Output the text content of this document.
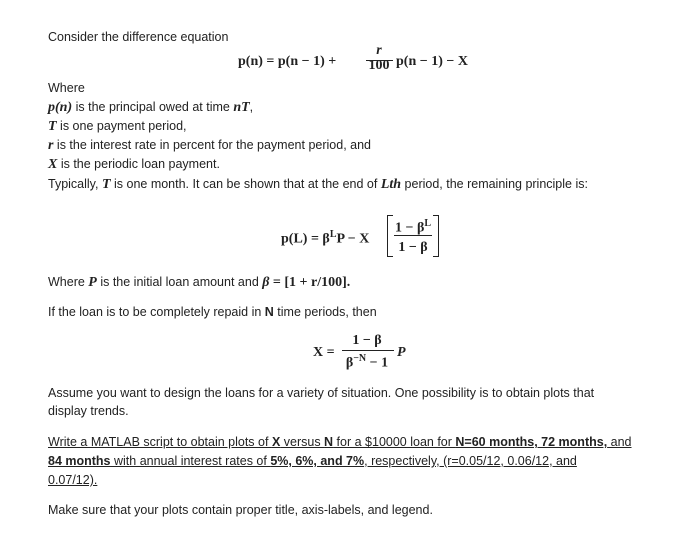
Consider the difference equation
p(n) = p(n − 1) +
r
100 p(n − 1) − X
Where
p(n) is the principal owed at time nT,
T is one payment period,
r is the interest rate in percent for the payment period, and
X is the periodic loan payment.
Typically, T is one month. It can be shown that at the end of Lth period, the remaining principle is:
$p(L) = \beta^LP - X$
$1 - \beta^L$
1 − β
Where P is the initial loan amount and β = [1 + r/100].
If the loan is to be completely repaid in N time periods, then
X =
1 − β
$\beta^{-N} - 1$
P
Assume you want to design the loans for a variety of situation. One possibility is to obtain plots that
display trends.
Write a MATLAB script to obtain plots of X versus N for a $10000 loan for N=60 months, 72 months, and
84 months with annual interest rates of 5%, 6%, and 7%, respectively, (r=0.05/12, 0.06/12, and
0.07/12).
Make sure that your plots contain proper title, axis-labels, and legend.
